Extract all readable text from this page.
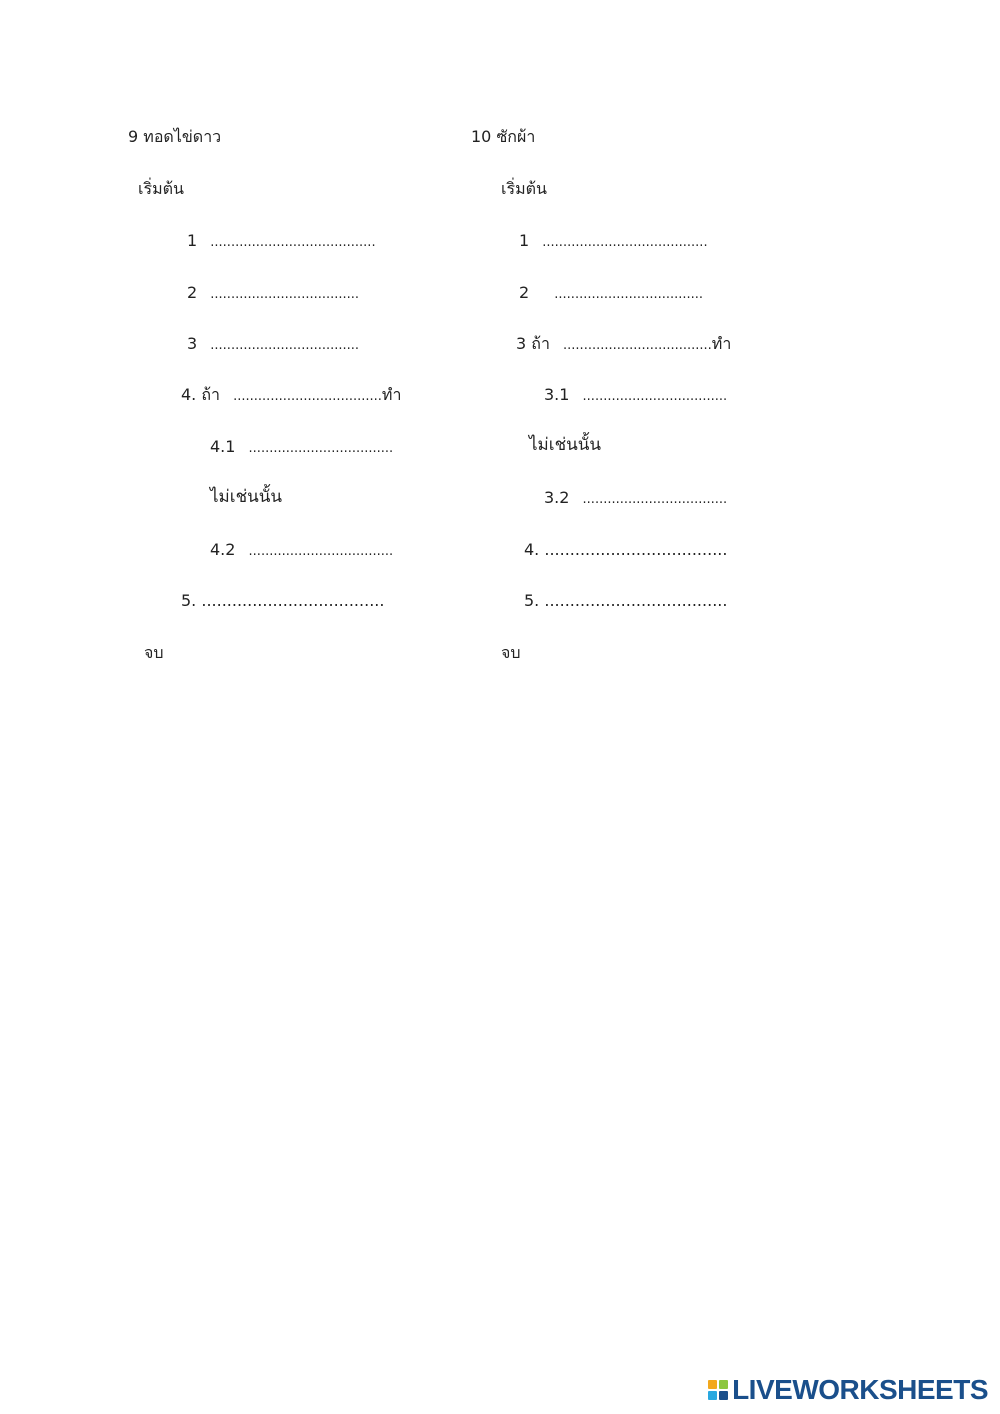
9 ทอดไข่ดาว
เริ่มต้น
1 ........................................
2 ....................................
3 ....................................
4. ถ้า ....................................ทำ
4.1 ...................................
ไม่เช่นนั้น
4.2 ...................................
5. ....................................
จบ
10 ซักผ้า
เริ่มต้น
1 ........................................
2 ....................................
3 ถ้า ....................................ทำ
3.1 ...................................
ไม่เช่นนั้น
3.2 ...................................
4. ....................................
5. ....................................
จบ
LIVEWORKSHEETS
